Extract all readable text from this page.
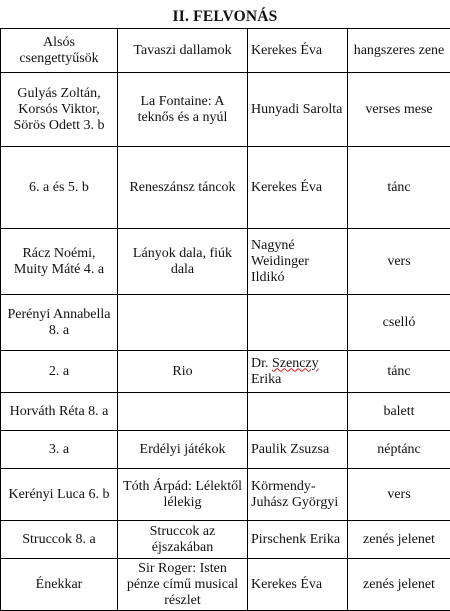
II. FELVONÁS
Alsós csengettyűsök	Tavaszi dallamok	Kerekes Éva	hangszeres zene
Gulyás Zoltán, Korsós Viktor, Sörös Odett 3. b	La Fontaine: A teknős és a nyúl	Hunyadi Sarolta	verses mese
6. a és 5. b	Reneszánsz táncok	Kerekes Éva	tánc
Rácz Noémi, Muity Máté 4. a	Lányok dala, fiúk dala	Nagyné Weidinger Ildikó	vers
Perényi Annabella 8. a			cselló
2. a	Rio	Dr. Szenczy Erika	tánc
Horváth Réta 8. a			balett
3. a	Erdélyi játékok	Paulik Zsuzsa	néptánc
Kerényi Luca 6. b	Tóth Árpád: Lélektől lélekig	Körmendy-Juhász Györgyi	vers
Struccok 8. a	Struccok az éjszakában	Pirschenk Erika	zenés jelenet
Énekkar	Sir Roger: Isten pénze című musical részlet	Kerekes Éva	zenés jelenet
